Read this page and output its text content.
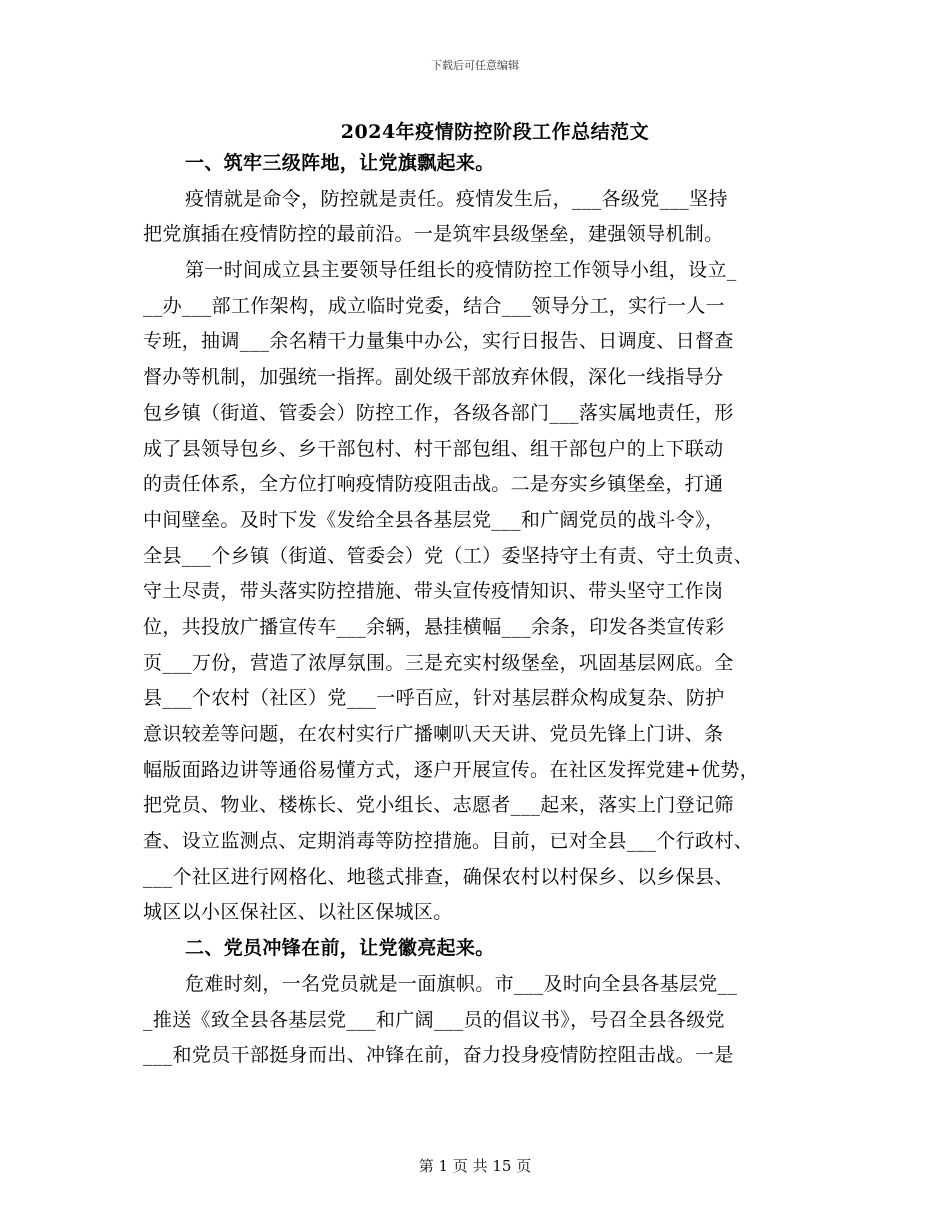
下载后可任意编辑
2024年疫情防控阶段工作总结范文
一、筑牢三级阵地，让党旗飘起来。
疫情就是命令，防控就是责任。疫情发生后，___各级党___坚持
把党旗插在疫情防控的最前沿。一是筑牢县级堡垒，建强领导机制。
第一时间成立县主要领导任组长的疫情防控工作领导小组，设立_
__办___部工作架构，成立临时党委，结合___领导分工，实行一人一
专班，抽调___余名精干力量集中办公，实行日报告、日调度、日督查
督办等机制，加强统一指挥。副处级干部放弃休假，深化一线指导分
包乡镇（街道、管委会）防控工作，各级各部门___落实属地责任，形
成了县领导包乡、乡干部包村、村干部包组、组干部包户的上下联动
的责任体系，全方位打响疫情防疫阻击战。二是夯实乡镇堡垒，打通
中间壁垒。及时下发《发给全县各基层党___和广阔党员的战斗令》，
全县___个乡镇（街道、管委会）党（工）委坚持守土有责、守土负责、
守土尽责，带头落实防控措施、带头宣传疫情知识、带头坚守工作岗
位，共投放广播宣传车___余辆，悬挂横幅___余条，印发各类宣传彩
页___万份，营造了浓厚氛围。三是充实村级堡垒，巩固基层网底。全
县___个农村（社区）党___一呼百应，针对基层群众构成复杂、防护
意识较差等问题，在农村实行广播喇叭天天讲、党员先锋上门讲、条
幅版面路边讲等通俗易懂方式，逐户开展宣传。在社区发挥党建+优势，
把党员、物业、楼栋长、党小组长、志愿者___起来，落实上门登记筛
查、设立监测点、定期消毒等防控措施。目前，已对全县___个行政村、
___个社区进行网格化、地毯式排查，确保农村以村保乡、以乡保县、
城区以小区保社区、以社区保城区。
二、党员冲锋在前，让党徽亮起来。
危难时刻，一名党员就是一面旗帜。市___及时向全县各基层党__
_推送《致全县各基层党___和广阔___员的倡议书》，号召全县各级党
___和党员干部挺身而出、冲锋在前，奋力投身疫情防控阻击战。一是
第 1 页 共 15 页
